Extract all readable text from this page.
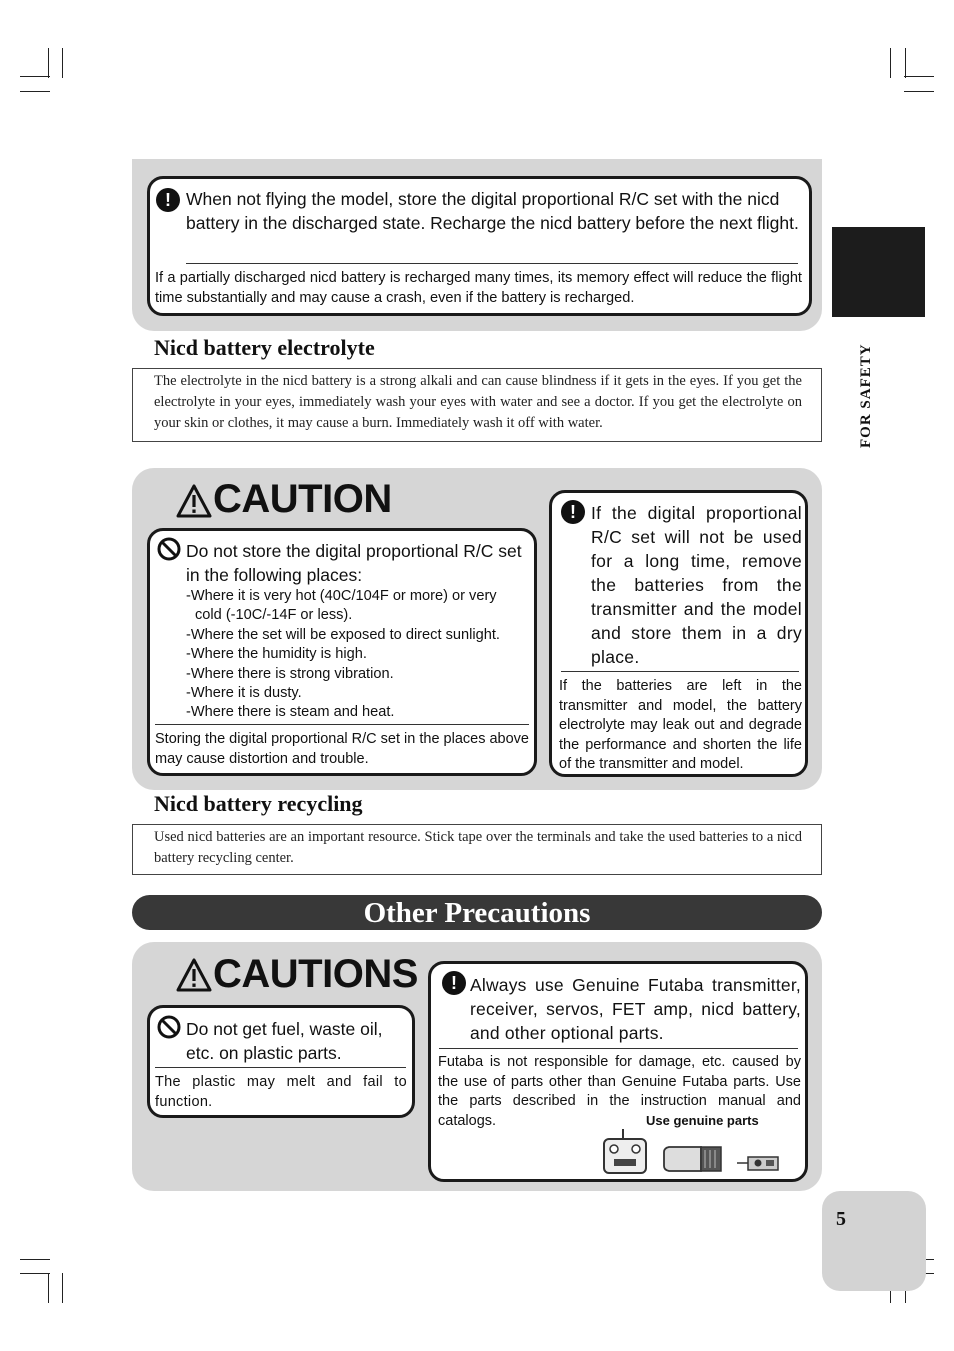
FOR SAFETY
5
! When not flying the model, store the digital proportional R/C set with the nicd battery in the discharged state. Recharge the nicd battery before the next flight.
If a partially discharged nicd battery is recharged many times, its memory effect will reduce the flight time substantially and may cause a crash, even if the battery is recharged.
Nicd battery electrolyte
The electrolyte in the nicd battery is a strong alkali and can cause blindness if it gets in the eyes. If you get the electrolyte in your eyes, immediately wash your eyes with water and see a doctor. If you get the electrolyte on your skin or clothes, it may cause a burn. Immediately wash it off with water.
CAUTION
Do not store the digital proportional R/C set in the following places:
-Where it is very hot (40C/104F or more) or very
cold (-10C/-14F or less).
-Where the set will be exposed to direct sunlight.
-Where the humidity is high.
-Where there is strong vibration.
-Where it is dusty.
-Where there is steam and heat.
Storing the digital proportional R/C set in the places above may cause distortion and trouble.
! If the digital proportional R/C set will not be used for a long time, remove the batteries from the transmitter and the model and store them in a dry place.
If the batteries are left in the transmitter and model, the battery electrolyte may leak out and degrade the performance and shorten the life of the transmitter and model.
Nicd battery recycling
Used nicd batteries are an important resource. Stick tape over the terminals and take the used batteries to a nicd battery recycling center.
Other Precautions
CAUTIONS
Do not get fuel, waste oil, etc. on plastic parts.
The plastic may melt and fail to function.
! Always use Genuine Futaba transmitter, receiver, servos, FET amp, nicd battery, and other optional parts.
Futaba is not responsible for damage, etc. caused by the use of parts other than Genuine Futaba parts. Use the parts described in the instruction manual and catalogs.	Use genuine parts
